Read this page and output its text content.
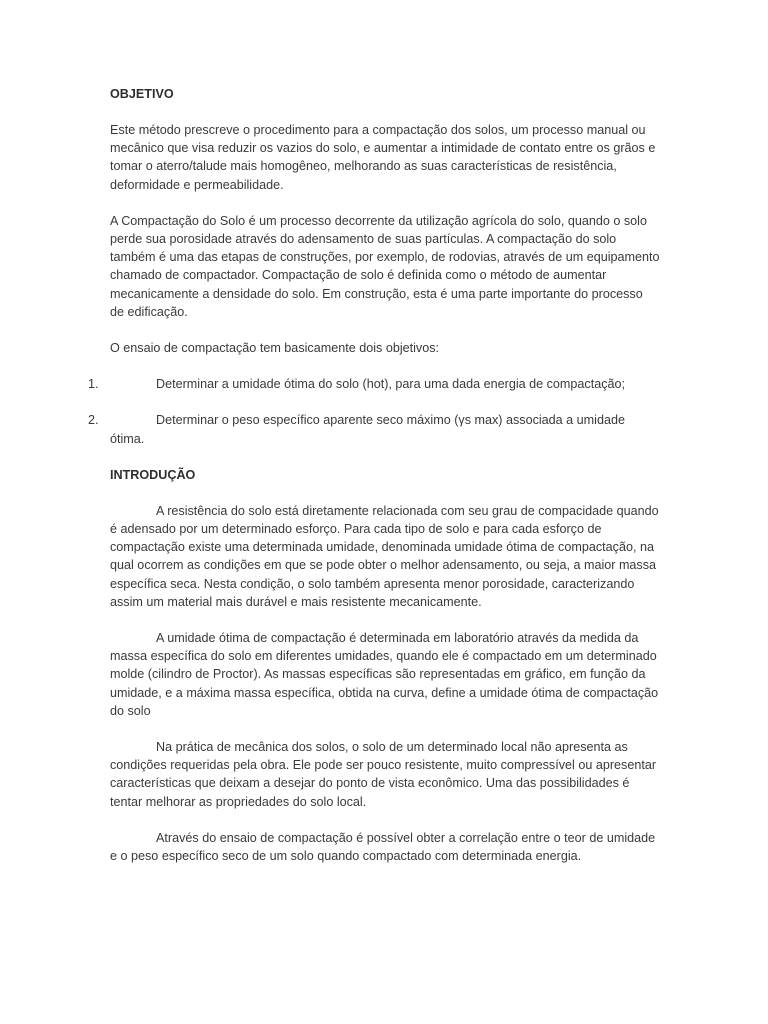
OBJETIVO

Este método prescreve o procedimento para a compactação dos solos, um processo manual ou mecânico que visa reduzir os vazios do solo, e aumentar a intimidade de contato entre os grãos e tomar o aterro/talude mais homogêneo, melhorando as suas características de resistência, deformidade e permeabilidade.

A Compactação do Solo é um processo decorrente da utilização agrícola do solo, quando o solo perde sua porosidade através do adensamento de suas partículas. A compactação do solo também é uma das etapas de construções, por exemplo, de rodovias, através de um equipamento chamado de compactador. Compactação de solo é definida como o método de aumentar mecanicamente a densidade do solo. Em construção, esta é uma parte importante do processo de edificação.

O ensaio de compactação tem basicamente dois objetivos:

1.	Determinar a umidade ótima do solo (hot), para uma dada energia de compactação;
2.	Determinar o peso específico aparente seco máximo (γs max) associada a umidade ótima.
INTRODUÇÃO

A resistência do solo está diretamente relacionada com seu grau de compacidade quando é adensado por um determinado esforço. Para cada tipo de solo e para cada esforço de compactação existe uma determinada umidade, denominada umidade ótima de compactação, na qual ocorrem as condições em que se pode obter o melhor adensamento, ou seja, a maior massa específica seca. Nesta condição, o solo também apresenta menor porosidade, caracterizando assim um material mais durável e mais resistente mecanicamente.

A umidade ótima de compactação é determinada em laboratório através da medida da massa específica do solo em diferentes umidades, quando ele é compactado em um determinado molde (cilindro de Proctor). As massas específicas são representadas em gráfico, em função da umidade, e a máxima massa específica, obtida na curva, define a umidade ótima de compactação do solo

Na prática de mecânica dos solos, o solo de um determinado local não apresenta as condições requeridas pela obra. Ele pode ser pouco resistente, muito compressível ou apresentar características que deixam a desejar do ponto de vista econômico. Uma das possibilidades é tentar melhorar as propriedades do solo local.

Através do ensaio de compactação é possível obter a correlação entre o teor de umidade e o peso específico seco de um solo quando compactado com determinada energia.
